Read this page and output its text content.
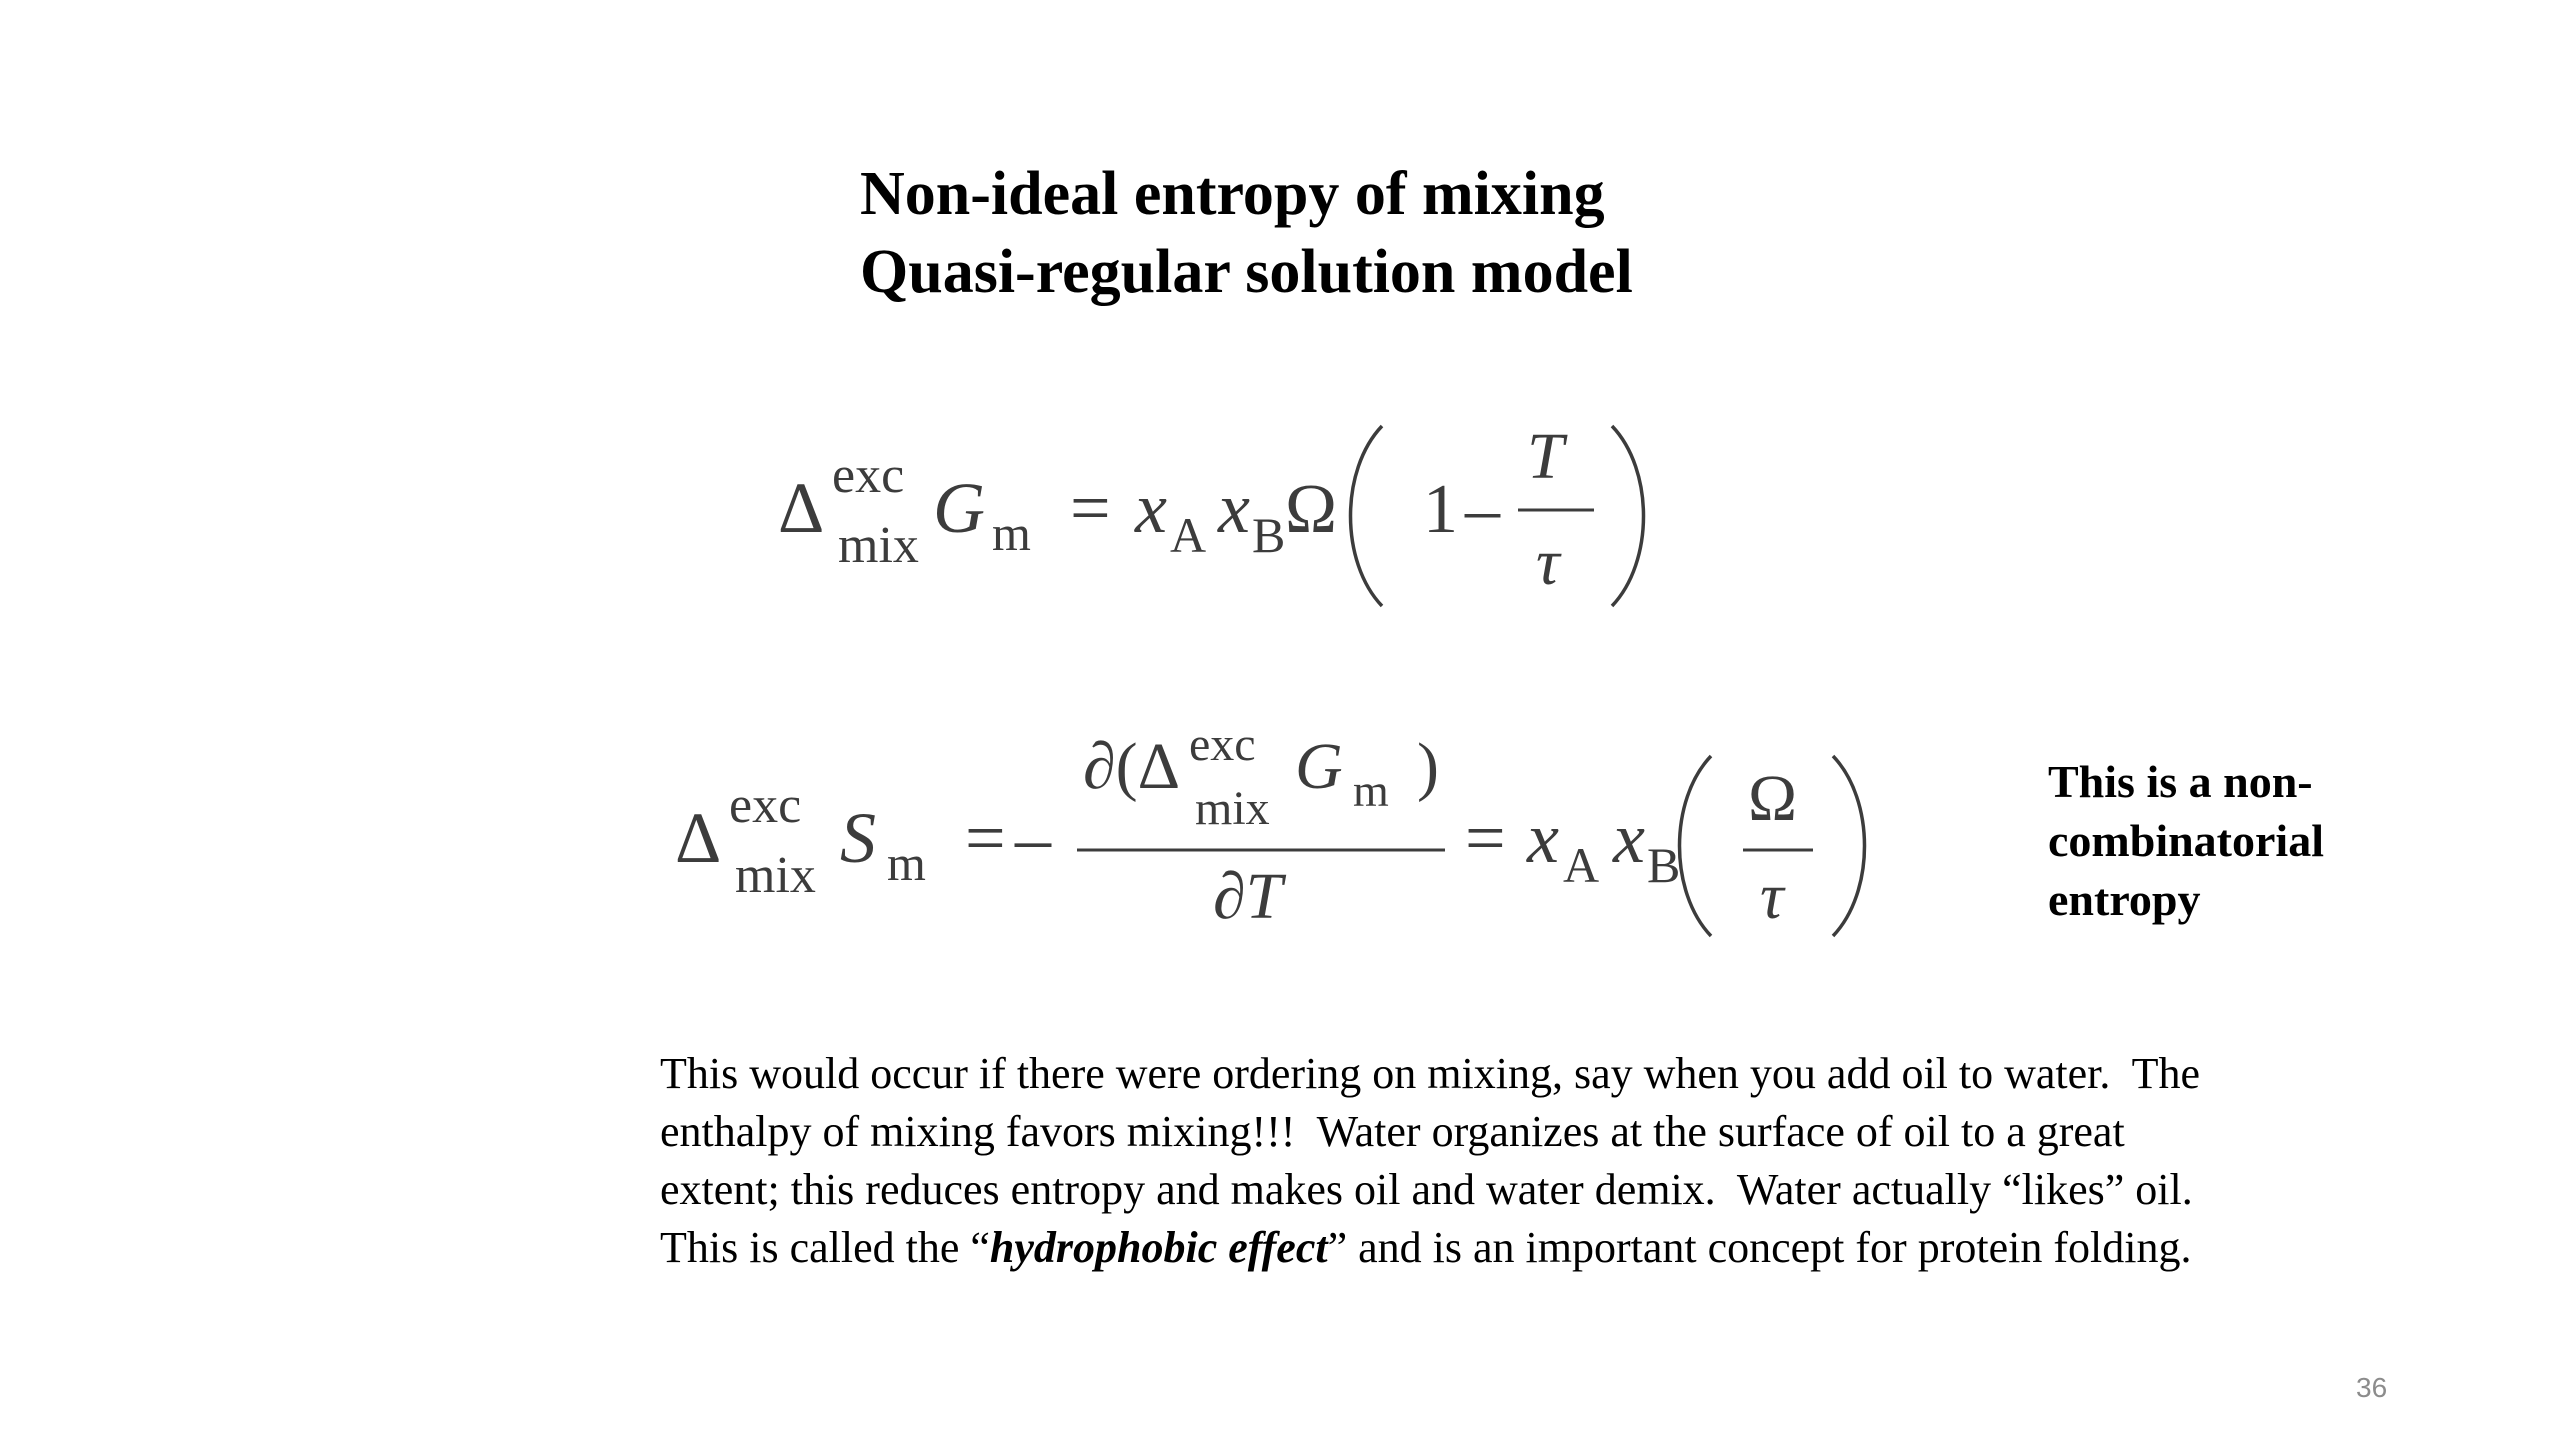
Non-ideal entropy of mixing
Quasi-regular solution model
Δ exc
mix G m = x A x B Ω 1 –
T
τ
Δ exc
mix S m = –
∂(Δ exc
mix
G m )
∂T
= x A x B
Ω
τ

This is a non-
combinatorial
entropy

This would occur if there were ordering on mixing, say when you add oil to water.  The
enthalpy of mixing favors mixing!!!  Water organizes at the surface of oil to a great
extent; this reduces entropy and makes oil and water demix.  Water actually “likes” oil.
This is called the “hydrophobic effect” and is an important concept for protein folding.

36
